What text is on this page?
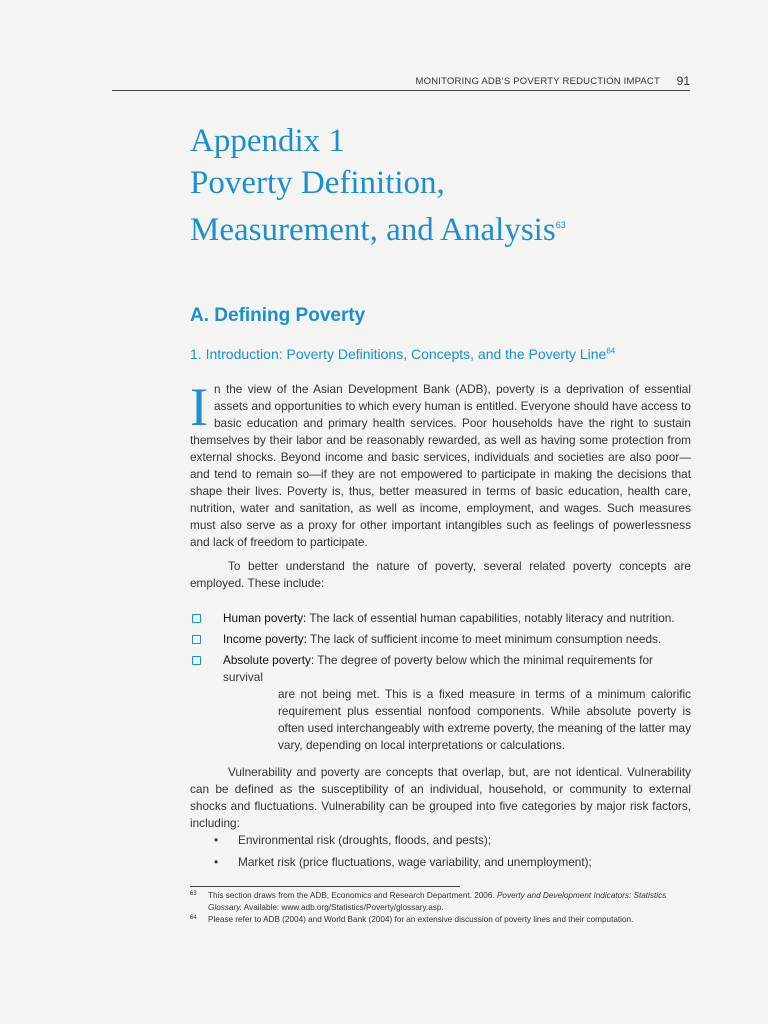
MONITORING ADB’S POVERTY REDUCTION IMPACT 91
Appendix 1
Poverty Definition,
Measurement, and Analysis$^{63}$
A. Defining Poverty
1. Introduction: Poverty Definitions, Concepts, and the Poverty Line$^{64}$
In the view of the Asian Development Bank (ADB), poverty is a deprivation of essential assets and opportunities to which every human is entitled. Everyone should have access to basic education and primary health services. Poor households have the right to sustain themselves by their labor and be reasonably rewarded, as well as having some protection from external shocks. Beyond income and basic services, individuals and societies are also poor—and tend to remain so—if they are not empowered to participate in making the decisions that shape their lives. Poverty is, thus, better measured in terms of basic education, health care, nutrition, water and sanitation, as well as income, employment, and wages. Such measures must also serve as a proxy for other important intangibles such as feelings of powerlessness and lack of freedom to participate.
To better understand the nature of poverty, several related poverty concepts are employed. These include:
Human poverty: The lack of essential human capabilities, notably literacy and nutrition.
Income poverty: The lack of sufficient income to meet minimum consumption needs.
Absolute poverty: The degree of poverty below which the minimal requirements for survival
are not being met. This is a fixed measure in terms of a minimum calorific requirement plus essential nonfood components. While absolute poverty is often used interchangeably with extreme poverty, the meaning of the latter may vary, depending on local interpretations or calculations.
Vulnerability and poverty are concepts that overlap, but, are not identical. Vulnerability can be defined as the susceptibility of an individual, household, or community to external shocks and fluctuations. Vulnerability can be grouped into five categories by major risk factors, including:
• Environmental risk (droughts, floods, and pests);
• Market risk (price fluctuations, wage variability, and unemployment);
63 This section draws from the ADB, Economics and Research Department. 2006. Poverty and Development Indicators: Statistics Glossary. Available: www.adb.org/Statistics/Poverty/glossary.asp.
64 Please refer to ADB (2004) and World Bank (2004) for an extensive discussion of poverty lines and their computation.
